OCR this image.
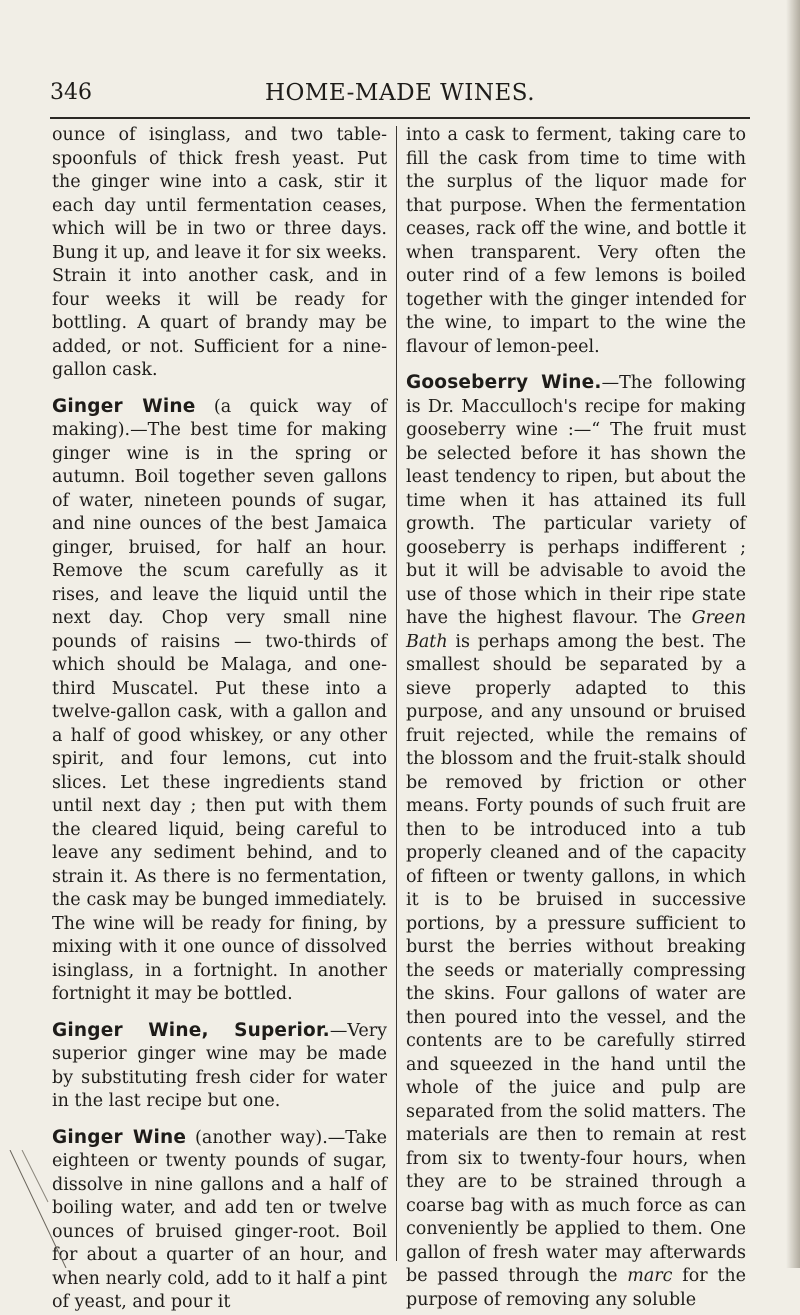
346	HOME-MADE WINES.

ounce of isinglass, and two table-spoonfuls of thick fresh yeast. Put the ginger wine into a cask, stir it each day until fermentation ceases, which will be in two or three days. Bung it up, and leave it for six weeks. Strain it into another cask, and in four weeks it will be ready for bottling. A quart of brandy may be added, or not. Sufficient for a nine-gallon cask.

Ginger Wine (a quick way of making).—The best time for making ginger wine is in the spring or autumn. Boil together seven gallons of water, nineteen pounds of sugar, and nine ounces of the best Jamaica ginger, bruised, for half an hour. Remove the scum carefully as it rises, and leave the liquid until the next day. Chop very small nine pounds of raisins — two-thirds of which should be Malaga, and one-third Muscatel. Put these into a twelve-gallon cask, with a gallon and a half of good whiskey, or any other spirit, and four lemons, cut into slices. Let these ingredients stand until next day ; then put with them the cleared liquid, being careful to leave any sediment behind, and to strain it. As there is no fermentation, the cask may be bunged immediately. The wine will be ready for fining, by mixing with it one ounce of dissolved isinglass, in a fortnight. In another fortnight it may be bottled.

Ginger Wine, Superior.—Very superior ginger wine may be made by substituting fresh cider for water in the last recipe but one.

Ginger Wine (another way).—Take eighteen or twenty pounds of sugar, dissolve in nine gallons and a half of boiling water, and add ten or twelve ounces of bruised ginger-root. Boil for about a quarter of an hour, and when nearly cold, add to it half a pint of yeast, and pour it

into a cask to ferment, taking care to fill the cask from time to time with the surplus of the liquor made for that purpose. When the fermentation ceases, rack off the wine, and bottle it when transparent. Very often the outer rind of a few lemons is boiled together with the ginger intended for the wine, to impart to the wine the flavour of lemon-peel.

Gooseberry Wine.—The following is Dr. Macculloch's recipe for making gooseberry wine :—“ The fruit must be selected before it has shown the least tendency to ripen, but about the time when it has attained its full growth. The particular variety of gooseberry is perhaps indifferent ; but it will be advisable to avoid the use of those which in their ripe state have the highest flavour. The Green Bath is perhaps among the best. The smallest should be separated by a sieve properly adapted to this purpose, and any unsound or bruised fruit rejected, while the remains of the blossom and the fruit-stalk should be removed by friction or other means. Forty pounds of such fruit are then to be introduced into a tub properly cleaned and of the capacity of fifteen or twenty gallons, in which it is to be bruised in successive portions, by a pressure sufficient to burst the berries without breaking the seeds or materially compressing the skins. Four gallons of water are then poured into the vessel, and the contents are to be carefully stirred and squeezed in the hand until the whole of the juice and pulp are separated from the solid matters. The materials are then to remain at rest from six to twenty-four hours, when they are to be strained through a coarse bag with as much force as can conveniently be applied to them. One gallon of fresh water may afterwards be passed through the marc for the purpose of removing any soluble
